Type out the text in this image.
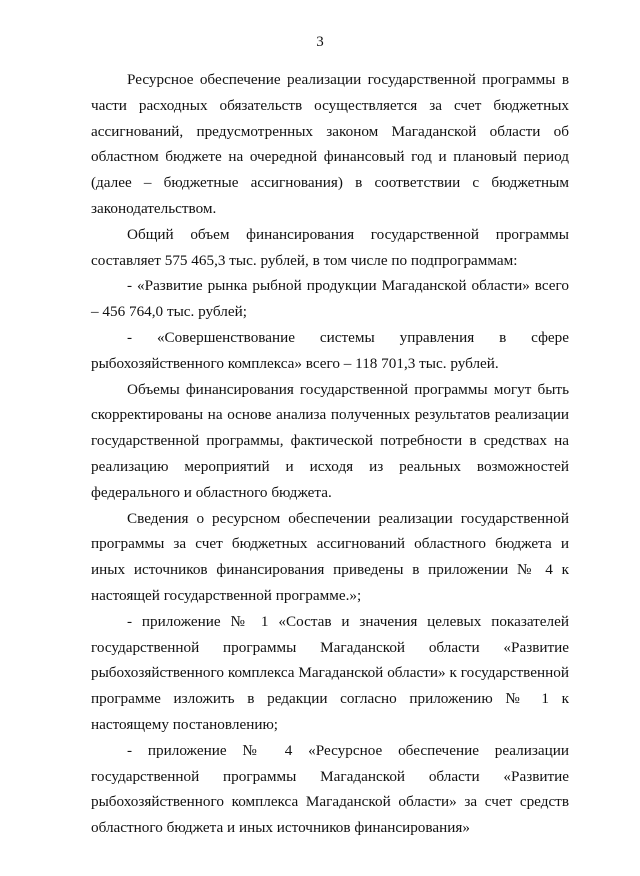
3

Ресурсное обеспечение реализации государственной программы в части расходных обязательств осуществляется за счет бюджетных ассигнований, предусмотренных законом Магаданской области об областном бюджете на очередной финансовый год и плановый период (далее – бюджетные ассигнования) в соответствии с бюджетным законодательством.

Общий объем финансирования государственной программы составляет 575 465,3 тыс. рублей, в том числе по подпрограммам:

- «Развитие рынка рыбной продукции Магаданской области» всего – 456 764,0 тыс. рублей;

- «Совершенствование системы управления в сфере рыбохозяйственного комплекса» всего – 118 701,3 тыс. рублей.

Объемы финансирования государственной программы могут быть скорректированы на основе анализа полученных результатов реализации государственной программы, фактической потребности в средствах на реализацию мероприятий и исходя из реальных возможностей федерального и областного бюджета.

Сведения о ресурсном обеспечении реализации государственной программы за счет бюджетных ассигнований областного бюджета и иных источников финансирования приведены в приложении № 4 к настоящей государственной программе.»;

- приложение № 1 «Состав и значения целевых показателей государственной программы Магаданской области «Развитие рыбохозяйственного комплекса Магаданской области» к государственной программе изложить в редакции согласно приложению № 1 к настоящему постановлению;

- приложение № 4 «Ресурсное обеспечение реализации государственной программы Магаданской области «Развитие рыбохозяйственного комплекса Магаданской области» за счет средств областного бюджета и иных источников финансирования»
